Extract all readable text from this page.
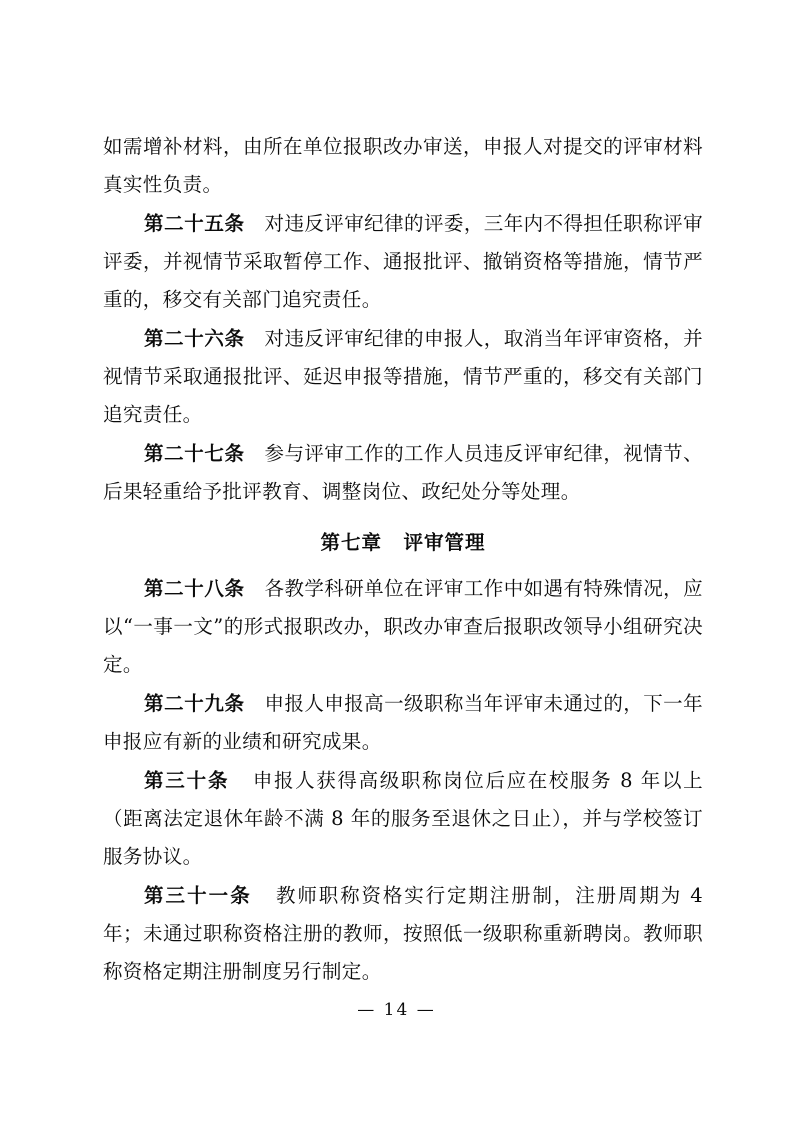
如需增补材料，由所在单位报职改办审送，申报人对提交的评审材料真实性负责。

第二十五条 对违反评审纪律的评委，三年内不得担任职称评审评委，并视情节采取暂停工作、通报批评、撤销资格等措施，情节严重的，移交有关部门追究责任。

第二十六条 对违反评审纪律的申报人，取消当年评审资格，并视情节采取通报批评、延迟申报等措施，情节严重的，移交有关部门追究责任。

第二十七条 参与评审工作的工作人员违反评审纪律，视情节、后果轻重给予批评教育、调整岗位、政纪处分等处理。

第七章 评审管理

第二十八条 各教学科研单位在评审工作中如遇有特殊情况，应以“一事一文”的形式报职改办，职改办审查后报职改领导小组研究决定。

第二十九条 申报人申报高一级职称当年评审未通过的，下一年申报应有新的业绩和研究成果。

第三十条 申报人获得高级职称岗位后应在校服务 8 年以上（距离法定退休年龄不满 8 年的服务至退休之日止），并与学校签订服务协议。

第三十一条 教师职称资格实行定期注册制，注册周期为 4 年；未通过职称资格注册的教师，按照低一级职称重新聘岗。教师职称资格定期注册制度另行制定。

— 14 —
